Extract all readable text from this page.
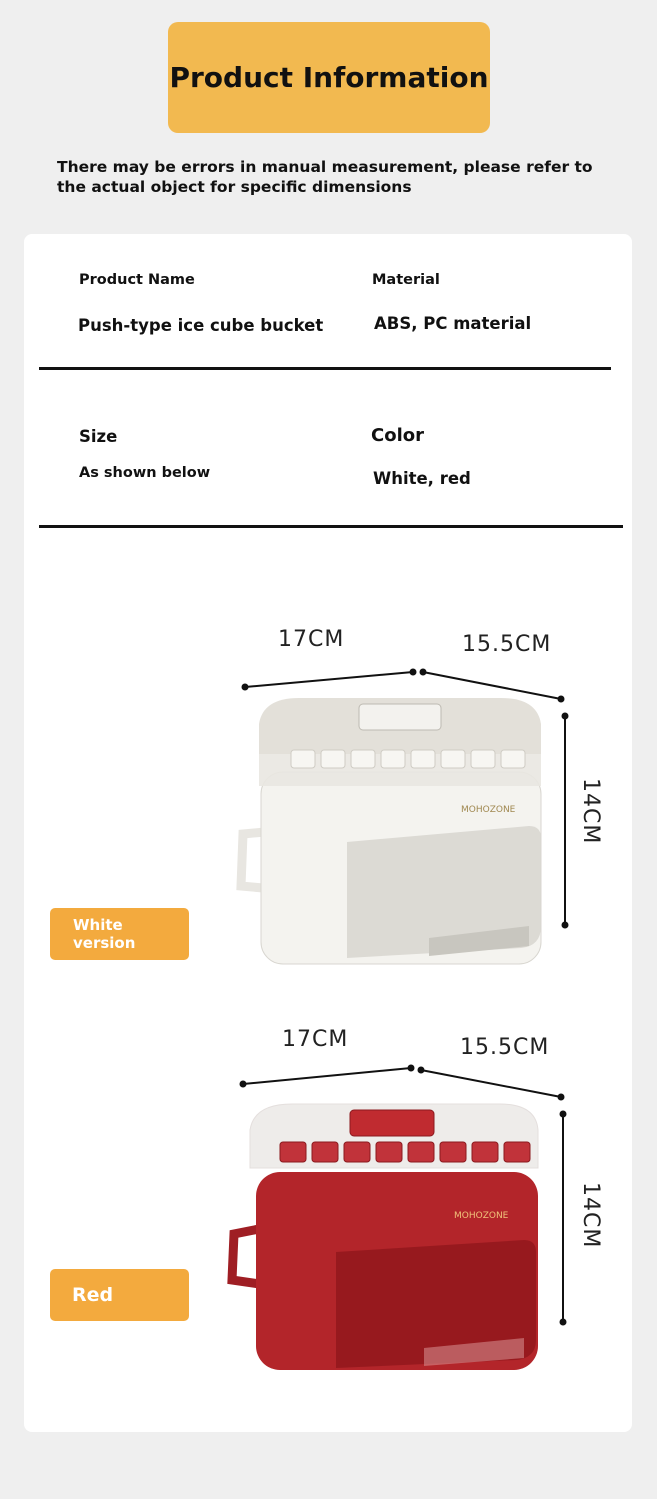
Product Information
There may be errors in manual measurement, please refer to the actual object for specific dimensions
Product Name	Material
Push-type ice cube bucket	ABS, PC material
Size	Color
As shown below	White, red
17CM	15.5CM
14CM
MOHOZONE
White version
17CM	15.5CM
14CM
MOHOZONE
Red
